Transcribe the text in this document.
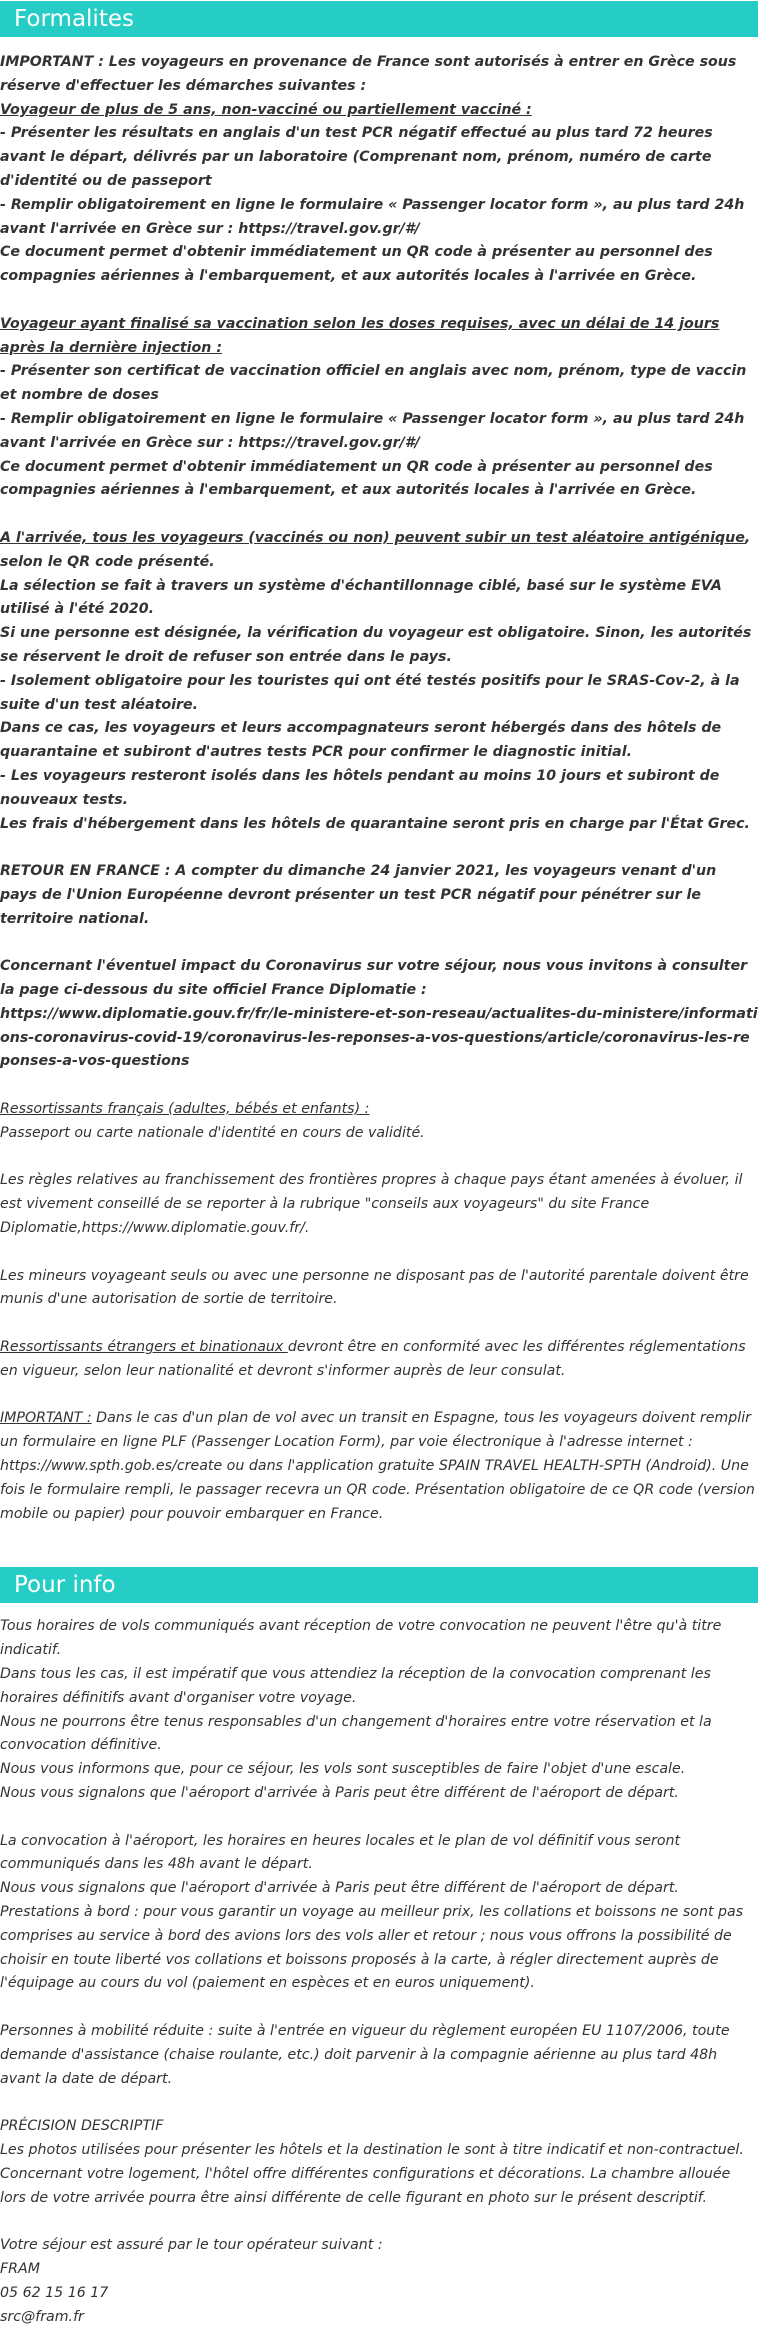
Formalites

IMPORTANT : Les voyageurs en provenance de France sont autorisés à entrer en Grèce sous réserve d'effectuer les démarches suivantes :

Voyageur de plus de 5 ans, non-vacciné ou partiellement vacciné :

- Présenter les résultats en anglais d'un test PCR négatif effectué au plus tard 72 heures avant le départ, délivrés par un laboratoire (Comprenant nom, prénom, numéro de carte d'identité ou de passeport

- Remplir obligatoirement en ligne le formulaire « Passenger locator form », au plus tard 24h avant l'arrivée en Grèce sur : https://travel.gov.gr/#/

Ce document permet d'obtenir immédiatement un QR code à présenter au personnel des compagnies aériennes à l'embarquement, et aux autorités locales à l'arrivée en Grèce.

Voyageur ayant finalisé sa vaccination selon les doses requises, avec un délai de 14 jours après la dernière injection :

- Présenter son certificat de vaccination officiel en anglais avec nom, prénom, type de vaccin et nombre de doses

- Remplir obligatoirement en ligne le formulaire « Passenger locator form », au plus tard 24h avant l'arrivée en Grèce sur : https://travel.gov.gr/#/

Ce document permet d'obtenir immédiatement un QR code à présenter au personnel des compagnies aériennes à l'embarquement, et aux autorités locales à l'arrivée en Grèce.

A l'arrivée, tous les voyageurs (vaccinés ou non) peuvent subir un test aléatoire antigénique, selon le QR code présenté.

La sélection se fait à travers un système d'échantillonnage ciblé, basé sur le système EVA utilisé à l'été 2020.

Si une personne est désignée, la vérification du voyageur est obligatoire. Sinon, les autorités se réservent le droit de refuser son entrée dans le pays.

- Isolement obligatoire pour les touristes qui ont été testés positifs pour le SRAS-Cov-2, à la suite d'un test aléatoire.

Dans ce cas, les voyageurs et leurs accompagnateurs seront hébergés dans des hôtels de quarantaine et subiront d'autres tests PCR pour confirmer le diagnostic initial.

- Les voyageurs resteront isolés dans les hôtels pendant au moins 10 jours et subiront de nouveaux tests.

Les frais d'hébergement dans les hôtels de quarantaine seront pris en charge par l'État Grec.

RETOUR EN FRANCE : A compter du dimanche 24 janvier 2021, les voyageurs venant d'un pays de l'Union Européenne devront présenter un test PCR négatif pour pénétrer sur le territoire national.

Concernant l'éventuel impact du Coronavirus sur votre séjour, nous vous invitons à consulter la page ci-dessous du site officiel France Diplomatie :

https://www.diplomatie.gouv.fr/fr/le-ministere-et-son-reseau/actualites-du-ministere/informations-coronavirus-covid-19/coronavirus-les-reponses-a-vos-questions/article/coronavirus-les-reponses-a-vos-questions

Ressortissants français (adultes, bébés et enfants) :

Passeport ou carte nationale d'identité en cours de validité.

Les règles relatives au franchissement des frontières propres à chaque pays étant amenées à évoluer, il est vivement conseillé de se reporter à la rubrique "conseils aux voyageurs" du site France Diplomatie,https://www.diplomatie.gouv.fr/.

Les mineurs voyageant seuls ou avec une personne ne disposant pas de l'autorité parentale doivent être munis d'une autorisation de sortie de territoire.

Ressortissants étrangers et binationaux devront être en conformité avec les différentes réglementations en vigueur, selon leur nationalité et devront s'informer auprès de leur consulat.

IMPORTANT : Dans le cas d'un plan de vol avec un transit en Espagne, tous les voyageurs doivent remplir un formulaire en ligne PLF (Passenger Location Form), par voie électronique à l'adresse internet : https://www.spth.gob.es/create ou dans l'application gratuite SPAIN TRAVEL HEALTH-SPTH (Android). Une fois le formulaire rempli, le passager recevra un QR code. Présentation obligatoire de ce QR code (version mobile ou papier) pour pouvoir embarquer en France.

Pour info

Tous horaires de vols communiqués avant réception de votre convocation ne peuvent l'être qu'à titre indicatif.

Dans tous les cas, il est impératif que vous attendiez la réception de la convocation comprenant les horaires définitifs avant d'organiser votre voyage.

Nous ne pourrons être tenus responsables d'un changement d'horaires entre votre réservation et la convocation définitive.

Nous vous informons que, pour ce séjour, les vols sont susceptibles de faire l'objet d'une escale.

Nous vous signalons que l'aéroport d'arrivée à Paris peut être différent de l'aéroport de départ.

La convocation à l'aéroport, les horaires en heures locales et le plan de vol définitif vous seront communiqués dans les 48h avant le départ.

Nous vous signalons que l'aéroport d'arrivée à Paris peut être différent de l'aéroport de départ.

Prestations à bord : pour vous garantir un voyage au meilleur prix, les collations et boissons ne sont pas comprises au service à bord des avions lors des vols aller et retour ; nous vous offrons la possibilité de choisir en toute liberté vos collations et boissons proposés à la carte, à régler directement auprès de l'équipage au cours du vol (paiement en espèces et en euros uniquement).

Personnes à mobilité réduite : suite à l'entrée en vigueur du règlement européen EU 1107/2006, toute demande d'assistance (chaise roulante, etc.) doit parvenir à la compagnie aérienne au plus tard 48h avant la date de départ.

PRÉCISION DESCRIPTIF

Les photos utilisées pour présenter les hôtels et la destination le sont à titre indicatif et non-contractuel. Concernant votre logement, l'hôtel offre différentes configurations et décorations. La chambre allouée lors de votre arrivée pourra être ainsi différente de celle figurant en photo sur le présent descriptif.

Votre séjour est assuré par le tour opérateur suivant :

FRAM

05 62 15 16 17

src@fram.fr
